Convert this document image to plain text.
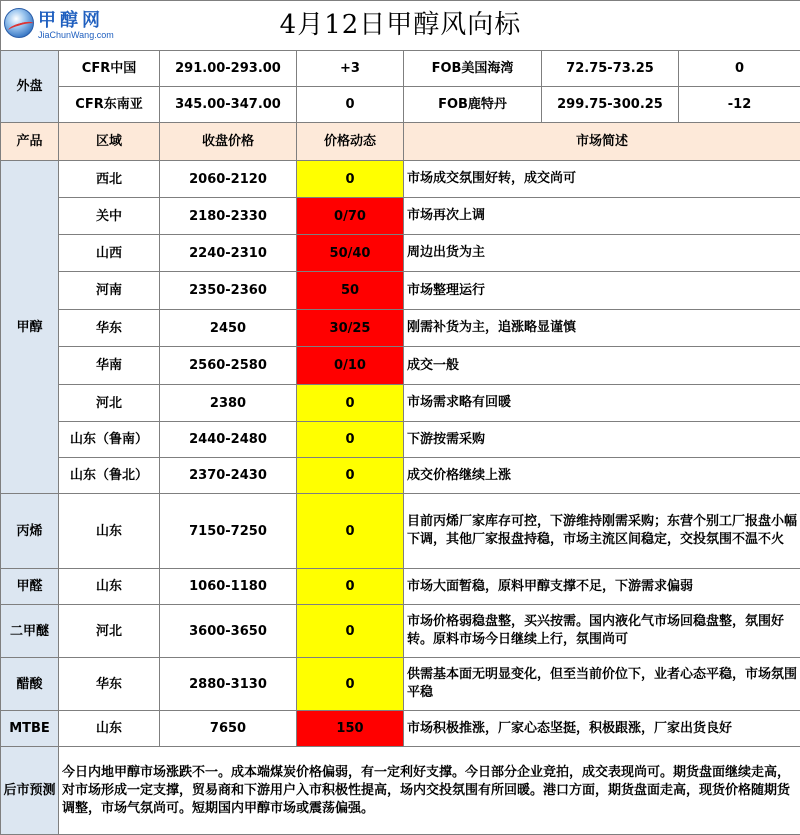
甲醇网
JiaChunWang.com	4月12日甲醇风向标						
外盘	CFR中国	291.00-293.00	+3	FOB美国海湾	72.75-73.25	0
	CFR东南亚	345.00-347.00	0	FOB鹿特丹	299.75-300.25	-12
产品	区域	收盘价格	价格动态	市场简述		
甲醇	西北	2060-2120	0	市场成交氛围好转，成交尚可		
	关中	2180-2330	0/70	市场再次上调		
	山西	2240-2310	50/40	周边出货为主		
	河南	2350-2360	50	市场整理运行		
	华东	2450	30/25	刚需补货为主，追涨略显谨慎		
	华南	2560-2580	0/10	成交一般		
	河北	2380	0	市场需求略有回暖		
	山东（鲁南）	2440-2480	0	下游按需采购		
	山东（鲁北）	2370-2430	0	成交价格继续上涨		
丙烯	山东	7150-7250	0	目前丙烯厂家库存可控，下游维持刚需采购；东营个别工厂报盘小幅下调，其他厂家报盘持稳，市场主流区间稳定，交投氛围不温不火		
甲醛	山东	1060-1180	0	市场大面暂稳，原料甲醇支撑不足，下游需求偏弱		
二甲醚	河北	3600-3650	0	市场价格弱稳盘整，买兴按需。国内液化气市场回稳盘整，氛围好转。原料市场今日继续上行，氛围尚可		
醋酸	华东	2880-3130	0	供需基本面无明显变化，但至当前价位下，业者心态平稳，市场氛围平稳		
MTBE	山东	7650	150	市场积极推涨，厂家心态坚挺，积极跟涨，厂家出货良好		
后市预测	今日内地甲醇市场涨跌不一。成本端煤炭价格偏弱，有一定利好支撑。今日部分企业竞拍，成交表现尚可。期货盘面继续走高，对市场形成一定支撑，贸易商和下游用户入市积极性提高，场内交投氛围有所回暖。港口方面，期货盘面走高，现货价格随期货调整，市场气氛尚可。短期国内甲醇市场或震荡偏强。					
